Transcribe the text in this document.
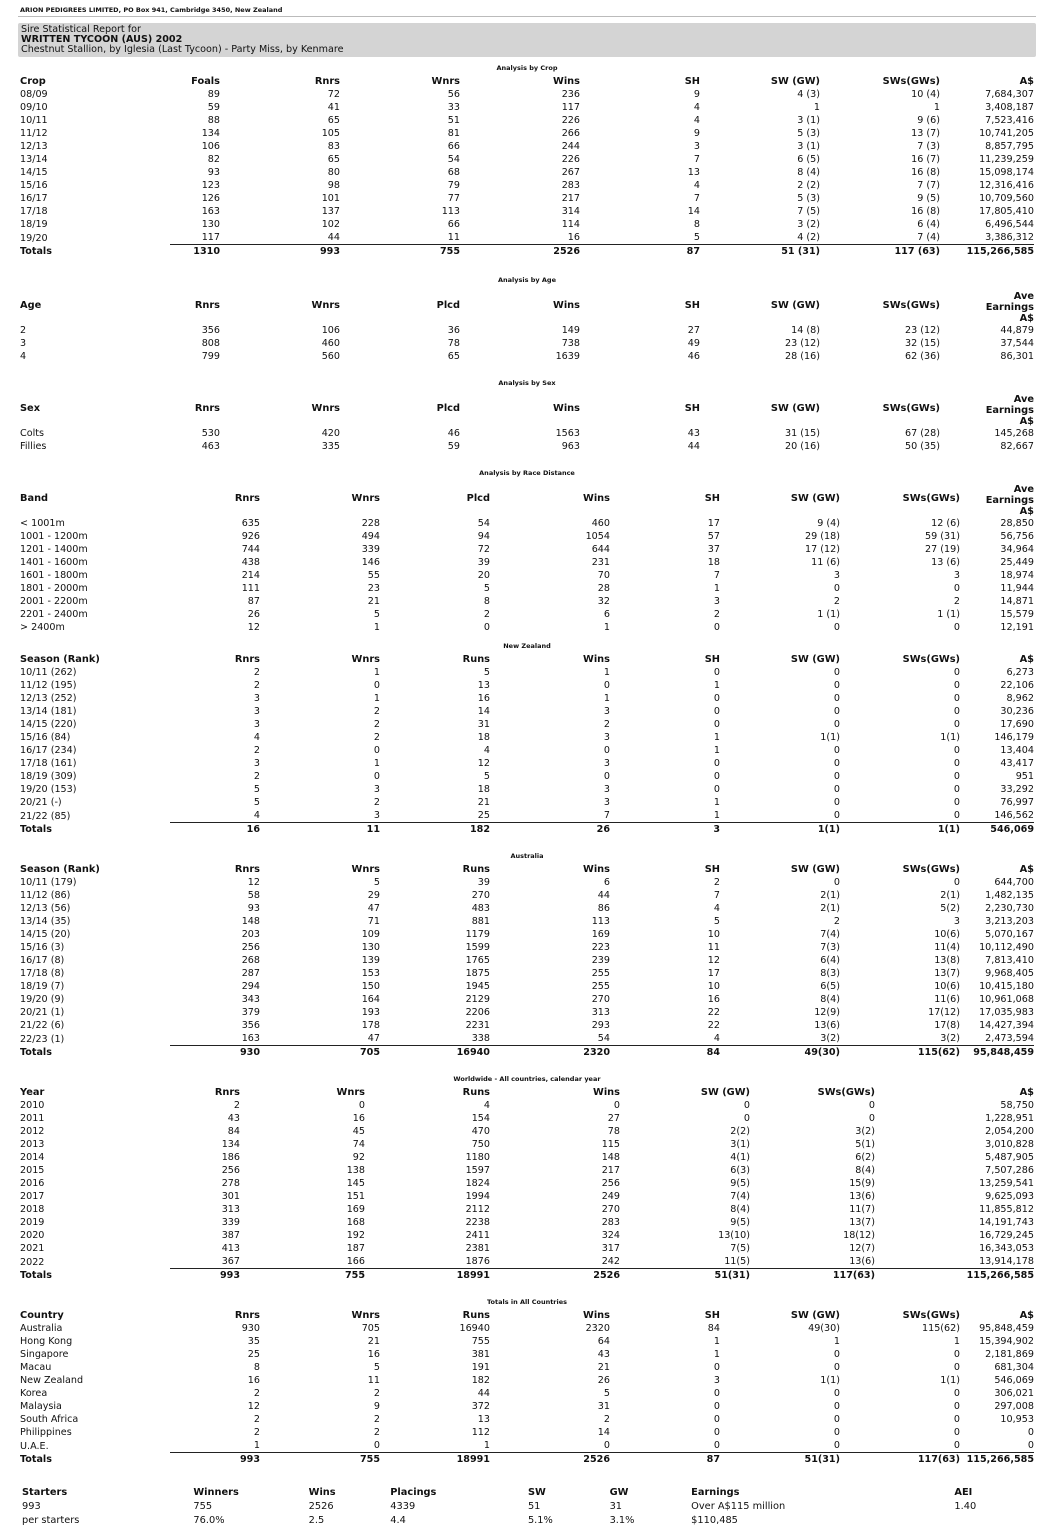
ARION PEDIGREES LIMITED, PO Box 941, Cambridge 3450, New Zealand
Sire Statistical Report for
WRITTEN TYCOON (AUS) 2002
Chestnut Stallion, by Iglesia (Last Tycoon) - Party Miss, by Kenmare
Analysis by Crop
Crop	Foals	Rnrs	Wnrs	Wins	SH	SW (GW)	SWs(GWs)	A$
08/09	89	72	56	236	9	4 (3)	10 (4)	7,684,307
09/10	59	41	33	117	4	1	1	3,408,187
10/11	88	65	51	226	4	3 (1)	9 (6)	7,523,416
11/12	134	105	81	266	9	5 (3)	13 (7)	10,741,205
12/13	106	83	66	244	3	3 (1)	7 (3)	8,857,795
13/14	82	65	54	226	7	6 (5)	16 (7)	11,239,259
14/15	93	80	68	267	13	8 (4)	16 (8)	15,098,174
15/16	123	98	79	283	4	2 (2)	7 (7)	12,316,416
16/17	126	101	77	217	7	5 (3)	9 (5)	10,709,560
17/18	163	137	113	314	14	7 (5)	16 (8)	17,805,410
18/19	130	102	66	114	8	3 (2)	6 (4)	6,496,544
19/20	117	44	11	16	5	4 (2)	7 (4)	3,386,312
Totals	1310	993	755	2526	87	51 (31)	117 (63)	115,266,585
Analysis by Age
Age	Rnrs	Wnrs	Plcd	Wins	SH	SW (GW)	SWs(GWs)	Ave
Earnings
A$

2	356	106	36	149	27	14 (8)	23 (12)	44,879
3	808	460	78	738	49	23 (12)	32 (15)	37,544
4	799	560	65	1639	46	28 (16)	62 (36)	86,301
Analysis by Sex
Sex	Rnrs	Wnrs	Plcd	Wins	SH	SW (GW)	SWs(GWs)	Ave
Earnings
A$

Colts	530	420	46	1563	43	31 (15)	67 (28)	145,268
Fillies	463	335	59	963	44	20 (16)	50 (35)	82,667
Analysis by Race Distance
Band	Rnrs	Wnrs	Plcd	Wins	SH	SW (GW)	SWs(GWs)	Ave
Earnings
A$

< 1001m	635	228	54	460	17	9 (4)	12 (6)	28,850
1001 - 1200m	926	494	94	1054	57	29 (18)	59 (31)	56,756
1201 - 1400m	744	339	72	644	37	17 (12)	27 (19)	34,964
1401 - 1600m	438	146	39	231	18	11 (6)	13 (6)	25,449
1601 - 1800m	214	55	20	70	7	3	3	18,974
1801 - 2000m	111	23	5	28	1	0	0	11,944
2001 - 2200m	87	21	8	32	3	2	2	14,871
2201 - 2400m	26	5	2	6	2	1 (1)	1 (1)	15,579
> 2400m	12	1	0	1	0	0	0	12,191
New Zealand
Season (Rank)	Rnrs	Wnrs	Runs	Wins	SH	SW (GW)	SWs(GWs)	A$
10/11 (262)	2	1	5	1	0	0	0	6,273
11/12 (195)	2	0	13	0	1	0	0	22,106
12/13 (252)	3	1	16	1	0	0	0	8,962
13/14 (181)	3	2	14	3	0	0	0	30,236
14/15 (220)	3	2	31	2	0	0	0	17,690
15/16 (84)	4	2	18	3	1	1(1)	1(1)	146,179
16/17 (234)	2	0	4	0	1	0	0	13,404
17/18 (161)	3	1	12	3	0	0	0	43,417
18/19 (309)	2	0	5	0	0	0	0	951
19/20 (153)	5	3	18	3	0	0	0	33,292
20/21 (-)	5	2	21	3	1	0	0	76,997
21/22 (85)	4	3	25	7	1	0	0	146,562
Totals	16	11	182	26	3	1(1)	1(1)	546,069
Australia
Season (Rank)	Rnrs	Wnrs	Runs	Wins	SH	SW (GW)	SWs(GWs)	A$
10/11 (179)	12	5	39	6	2	0	0	644,700
11/12 (86)	58	29	270	44	7	2(1)	2(1)	1,482,135
12/13 (56)	93	47	483	86	4	2(1)	5(2)	2,230,730
13/14 (35)	148	71	881	113	5	2	3	3,213,203
14/15 (20)	203	109	1179	169	10	7(4)	10(6)	5,070,167
15/16 (3)	256	130	1599	223	11	7(3)	11(4)	10,112,490
16/17 (8)	268	139	1765	239	12	6(4)	13(8)	7,813,410
17/18 (8)	287	153	1875	255	17	8(3)	13(7)	9,968,405
18/19 (7)	294	150	1945	255	10	6(5)	10(6)	10,415,180
19/20 (9)	343	164	2129	270	16	8(4)	11(6)	10,961,068
20/21 (1)	379	193	2206	313	22	12(9)	17(12)	17,035,983
21/22 (6)	356	178	2231	293	22	13(6)	17(8)	14,427,394
22/23 (1)	163	47	338	54	4	3(2)	3(2)	2,473,594
Totals	930	705	16940	2320	84	49(30)	115(62)	95,848,459
Worldwide - All countries, calendar year
Year	Rnrs	Wnrs	Runs	Wins	SW (GW)	SWs(GWs)	A$
2010	2	0	4	0	0	0	58,750
2011	43	16	154	27	0	0	1,228,951
2012	84	45	470	78	2(2)	3(2)	2,054,200
2013	134	74	750	115	3(1)	5(1)	3,010,828
2014	186	92	1180	148	4(1)	6(2)	5,487,905
2015	256	138	1597	217	6(3)	8(4)	7,507,286
2016	278	145	1824	256	9(5)	15(9)	13,259,541
2017	301	151	1994	249	7(4)	13(6)	9,625,093
2018	313	169	2112	270	8(4)	11(7)	11,855,812
2019	339	168	2238	283	9(5)	13(7)	14,191,743
2020	387	192	2411	324	13(10)	18(12)	16,729,245
2021	413	187	2381	317	7(5)	12(7)	16,343,053
2022	367	166	1876	242	11(5)	13(6)	13,914,178
Totals	993	755	18991	2526	51(31)	117(63)	115,266,585
Totals in All Countries
Country	Rnrs	Wnrs	Runs	Wins	SH	SW (GW)	SWs(GWs)	A$
Australia	930	705	16940	2320	84	49(30)	115(62)	95,848,459
Hong Kong	35	21	755	64	1	1	1	15,394,902
Singapore	25	16	381	43	1	0	0	2,181,869
Macau	8	5	191	21	0	0	0	681,304
New Zealand	16	11	182	26	3	1(1)	1(1)	546,069
Korea	2	2	44	5	0	0	0	306,021
Malaysia	12	9	372	31	0	0	0	297,008
South Africa	2	2	13	2	0	0	0	10,953
Philippines	2	2	112	14	0	0	0	0
U.A.E.	1	0	1	0	0	0	0	0
Totals	993	755	18991	2526	87	51(31)	117(63)	115,266,585
Starters	Winners	Wins	Placings	SW	GW	Earnings	AEI
993	755	2526	4339	51	31	Over A$115 million	1.40
per starters	76.0%	2.5	4.4	5.1%	3.1%	$110,485	
